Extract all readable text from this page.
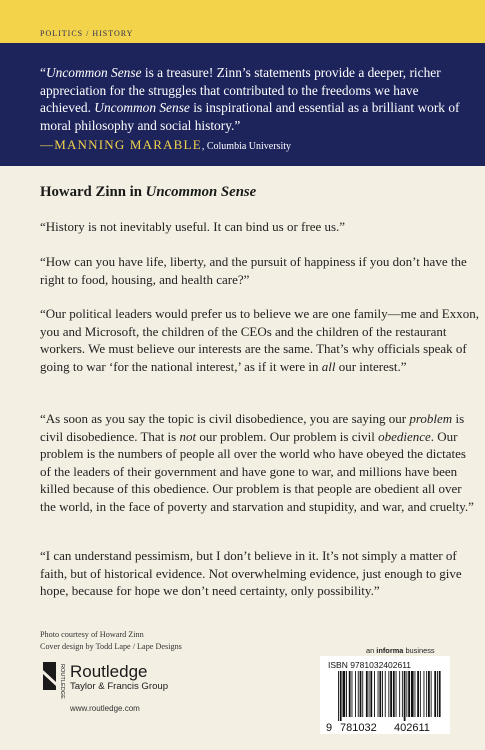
POLITICS / HISTORY

“Uncommon Sense is a treasure! Zinn’s statements provide a deeper, richer appreciation for the struggles that contributed to the freedoms we have achieved. Uncommon Sense is inspirational and essential as a brilliant work of moral philosophy and social history.”

—MANNING MARABLE, Columbia University
Howard Zinn in Uncommon Sense

“History is not inevitably useful. It can bind us or free us.”

“How can you have life, liberty, and the pursuit of happiness if you don’t have the right to food, housing, and health care?”

“Our political leaders would prefer us to believe we are one family—me and Exxon, you and Microsoft, the children of the CEOs and the children of the restaurant workers. We must believe our interests are the same. That’s why officials speak of going to war ‘for the national interest,’ as if it were in all our interest.”

“As soon as you say the topic is civil disobedience, you are saying our problem is civil disobedience. That is not our problem. Our problem is civil obedience. Our problem is the numbers of people all over the world who have obeyed the dictates of the leaders of their government and have gone to war, and millions have been killed because of this obedience. Our problem is that people are obedient all over the world, in the face of poverty and starvation and stupidity, and war, and cruelty.”

“I can understand pessimism, but I don’t believe in it. It’s not simply a matter of faith, but of historical evidence. Not overwhelming evidence, just enough to give hope, because for hope we don’t need certainty, only possibility.”

Photo courtesy of Howard Zinn
Cover design by Todd Lape / Lape Designs
ROUTLEDGE Routledge
Taylor & Francis Group
www.routledge.com
an informa business
ISBN 9781032402611
9 781032 402611
